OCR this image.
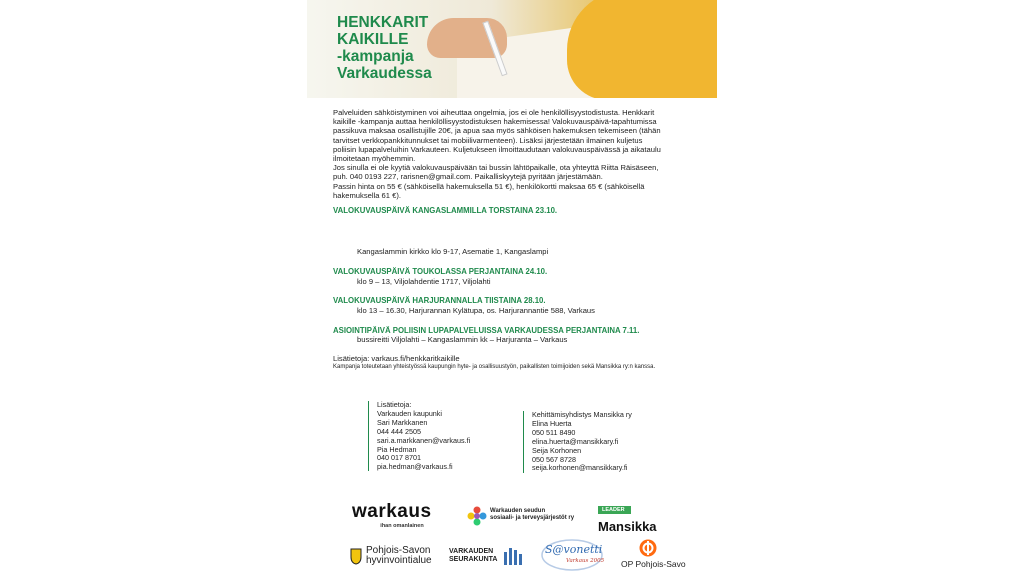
HENKKARIT
KAIKILLE
-kampanja
Varkaudessa

Palveluiden sähköistyminen voi aiheuttaa ongelmia, jos ei ole henkilöllisyystodistusta. Henkkarit

kaikille -kampanja auttaa henkilöllisyystodistuksen hakemisessa! Valokuvauspäivä-tapahtumissa

passikuva maksaa osallistujille 20€, ja apua saa myös sähköisen hakemuksen tekemiseen (tähän

tarvitset verkkopankkitunnukset tai mobiilivarmenteen). Lisäksi järjestetään ilmainen kuljetus

poliisin lupapalveluihin Varkauteen. Kuljetukseen ilmoittaudutaan valokuvauspäivässä ja aikataulu

ilmoitetaan myöhemmin.

Jos sinulla ei ole kyytiä valokuvauspäivään tai bussin lähtöpaikalle, ota yhteyttä Riitta Räisäseen,

puh. 040 0193 227, rarisnen@gmail.com. Paikalliskyytejä pyritään järjestämään.

Passin hinta on 55 € (sähköisellä hakemuksella 51 €), henkilökortti maksaa 65 € (sähköisellä

hakemuksella 61 €).

VALOKUVAUSPÄIVÄ KANGASLAMMILLA TORSTAINA 23.10.

Kangaslammin kirkko klo 9-17, Asematie 1, Kangaslampi

VALOKUVAUSPÄIVÄ TOUKOLASSA PERJANTAINA 24.10.

klo 9 – 13, Viljolahdentie 1717, Viljolahti

VALOKUVAUSPÄIVÄ HARJURANNALLA TIISTAINA 28.10.

klo 13 – 16.30, Harjurannan Kylätupa, os. Harjurannantie 588, Varkaus

ASIOINTIPÄIVÄ POLIISIN LUPAPALVELUISSA VARKAUDESSA PERJANTAINA 7.11.

bussireitti Viljolahti – Kangaslammin kk – Harjuranta – Varkaus

Lisätietoja: varkaus.fi/henkkaritkaikille

Kampanja toteutetaan yhteistyössä kaupungin hyte- ja osallisuustyön, paikallisten toimijoiden sekä Mansikka ry:n kanssa.

Lisätietoja:
Varkauden kaupunki
Sari Markkanen
044 444 2505
sari.a.markkanen@varkaus.fi
Pia Hedman
040 017 8701
pia.hedman@varkaus.fi
Kehittämisyhdistys Mansikka ry
Elina Huerta
050 511 8490
elina.huerta@mansikkary.fi
Seija Korhonen
050 567 8728
seija.korhonen@mansikkary.fi
warkaus
ihan omanlainen
Warkauden seudun
sosiaali- ja terveysjärjestöt ry
LEADER
Mansikka
Pohjois-Savon
hyvinvointialue
VARKAUDEN
SEURAKUNTA
S@vonetti
Varkaus 2005 OP Pohjois-Savo
